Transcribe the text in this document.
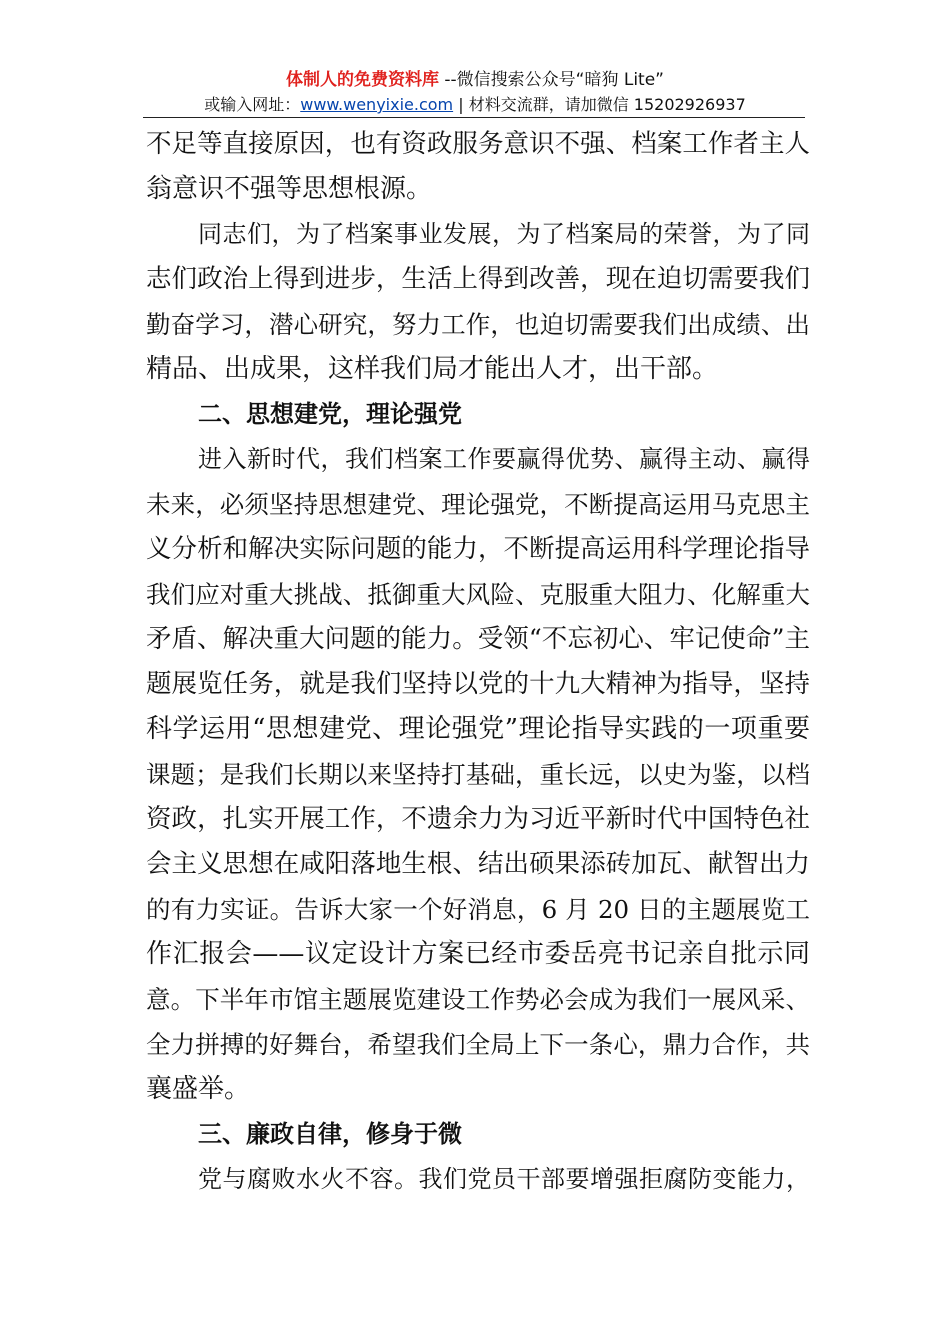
体制人的免费资料库 --微信搜索公众号“暗狗 Lite”
或输入网址：www.wenyixie.com | 材料交流群，请加微信 15202926937
不足等直接原因，也有资政服务意识不强、档案工作者主人
翁意识不强等思想根源。
同志们，为了档案事业发展，为了档案局的荣誉，为了同
志们政治上得到进步，生活上得到改善，现在迫切需要我们
勤奋学习，潜心研究，努力工作，也迫切需要我们出成绩、出
精品、出成果，这样我们局才能出人才，出干部。
二、思想建党，理论强党
进入新时代，我们档案工作要赢得优势、赢得主动、赢得
未来，必须坚持思想建党、理论强党，不断提高运用马克思主
义分析和解决实际问题的能力，不断提高运用科学理论指导
我们应对重大挑战、抵御重大风险、克服重大阻力、化解重大
矛盾、解决重大问题的能力。受领“不忘初心、牢记使命”主
题展览任务，就是我们坚持以党的十九大精神为指导，坚持
科学运用“思想建党、理论强党”理论指导实践的一项重要
课题；是我们长期以来坚持打基础，重长远，以史为鉴，以档
资政，扎实开展工作，不遗余力为习近平新时代中国特色社
会主义思想在咸阳落地生根、结出硕果添砖加瓦、献智出力
的有力实证。告诉大家一个好消息，6 月 20 日的主题展览工
作汇报会——议定设计方案已经市委岳亮书记亲自批示同
意。下半年市馆主题展览建设工作势必会成为我们一展风采、
全力拼搏的好舞台，希望我们全局上下一条心，鼎力合作，共
襄盛举。
三、廉政自律，修身于微
党与腐败水火不容。我们党员干部要增强拒腐防变能力，
